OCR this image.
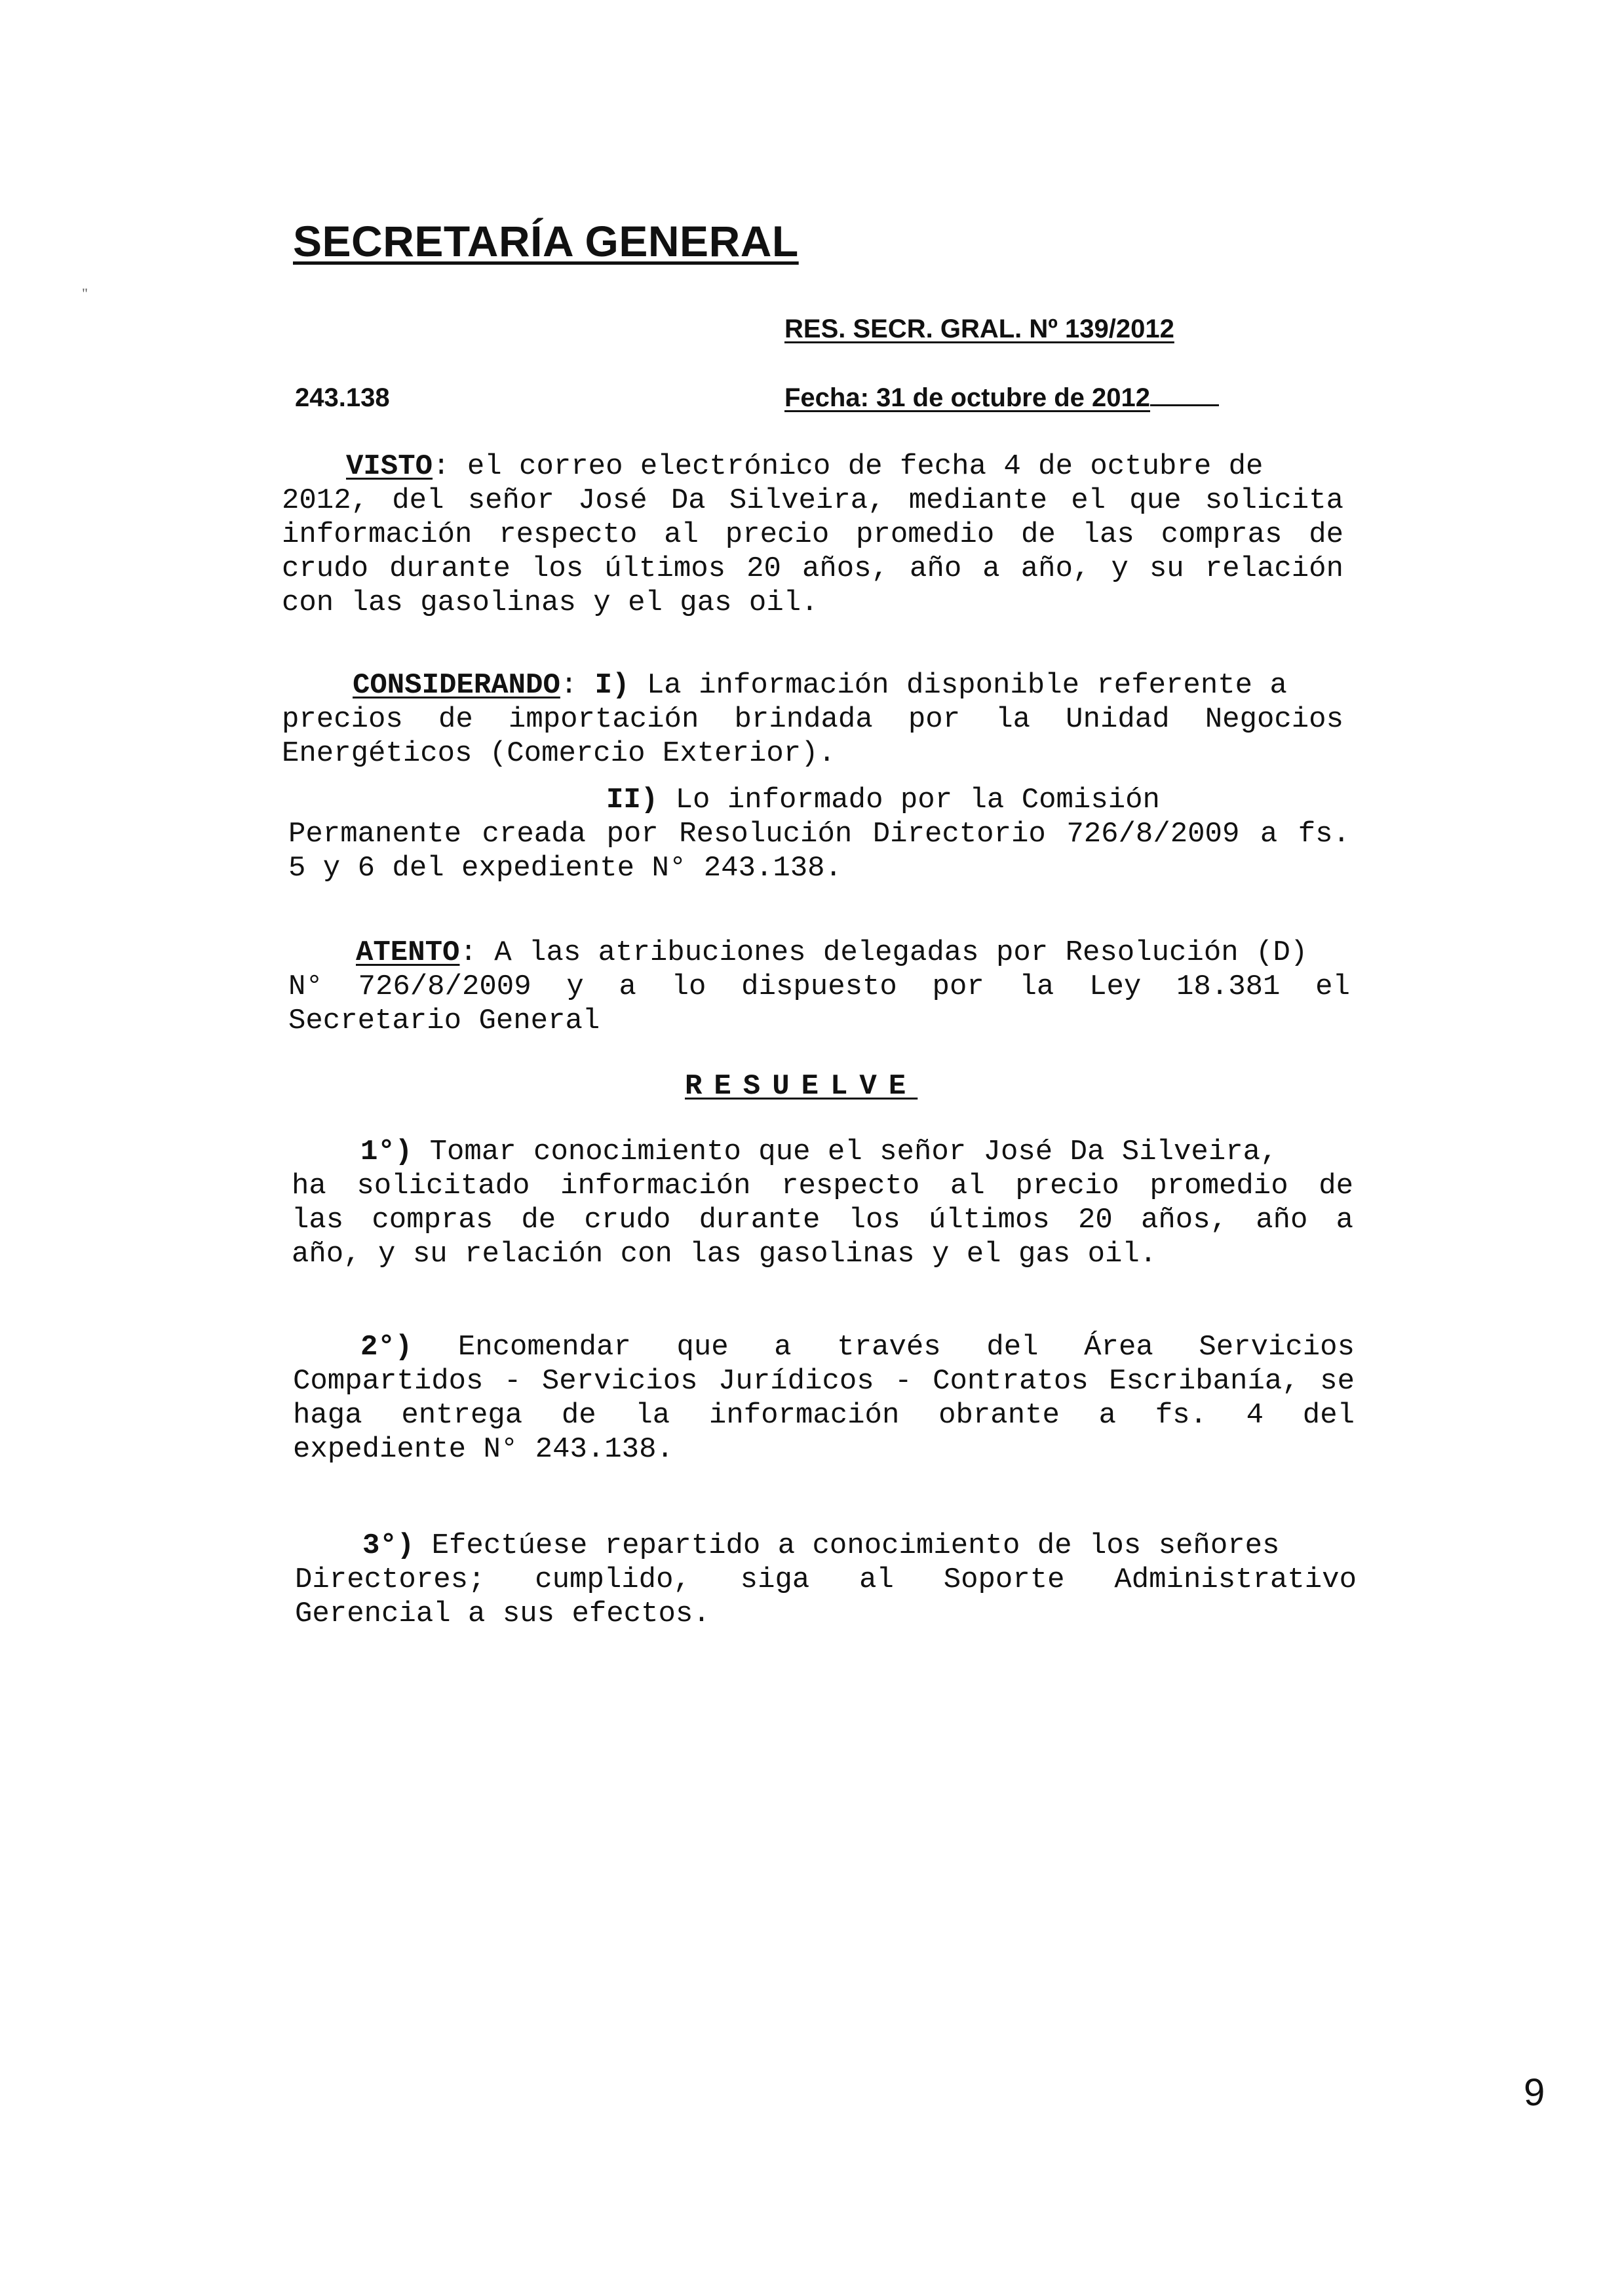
SECRETARÍA GENERAL
"
RES. SECR. GRAL. Nº 139/2012
243.138	Fecha: 31 de octubre de 2012
VISTO: el correo electrónico de fecha 4 de octubre de
2012, del señor José Da Silveira, mediante el que solicita
información respecto al precio promedio de las compras de
crudo durante los últimos 20 años, año a año, y su relación
con las gasolinas y el gas oil.
CONSIDERANDO: I) La información disponible referente a
precios de importación brindada por la Unidad Negocios
Energéticos (Comercio Exterior).
II) Lo informado por la Comisión
Permanente creada por Resolución Directorio 726/8/2009 a fs.
5 y 6 del expediente N° 243.138.
ATENTO: A las atribuciones delegadas por Resolución (D)
N° 726/8/2009 y a lo dispuesto por la Ley 18.381 el
Secretario General
RESUELVE
1°) Tomar conocimiento que el señor José Da Silveira,
ha solicitado información respecto al precio promedio de
las compras de crudo durante los últimos 20 años, año a
año, y su relación con las gasolinas y el gas oil.
2°) Encomendar que a través del Área Servicios
Compartidos - Servicios Jurídicos - Contratos Escribanía, se
haga entrega de la información obrante a fs. 4 del
expediente N° 243.138.
3°) Efectúese repartido a conocimiento de los señores
Directores; cumplido, siga al Soporte Administrativo
Gerencial a sus efectos.
9
